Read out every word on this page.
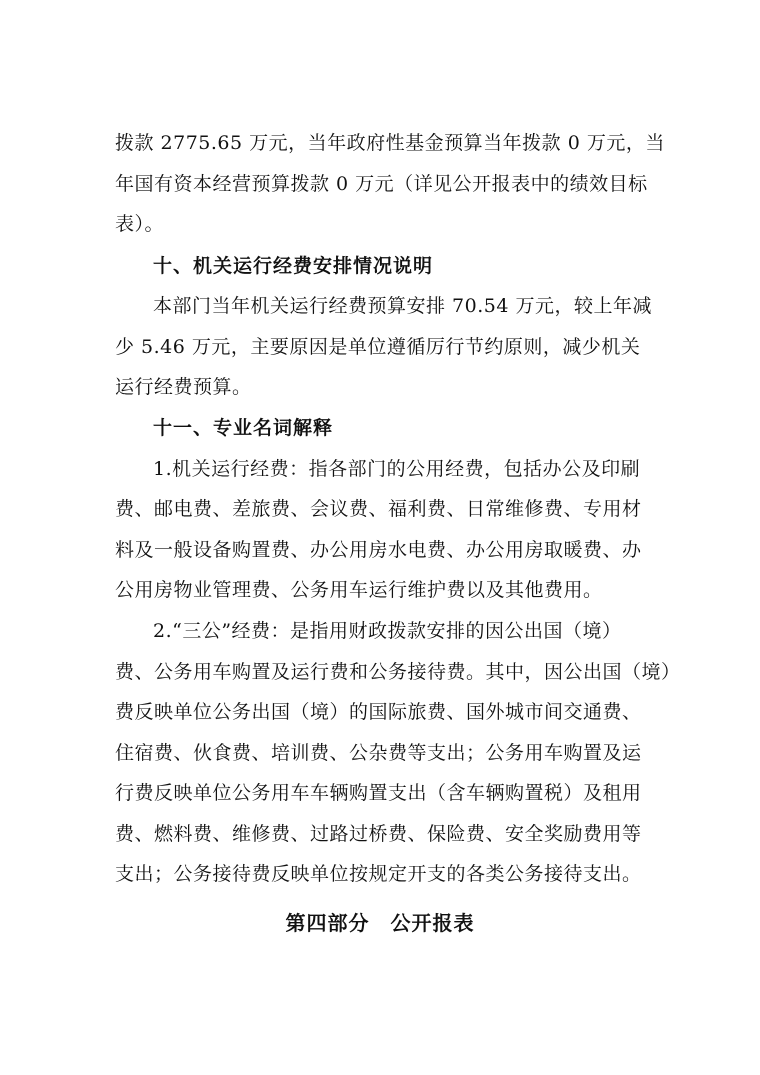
拨款 2775.65 万元，当年政府性基金预算当年拨款 0 万元，当
年国有资本经营预算拨款 0 万元（详见公开报表中的绩效目标
表）。
十、机关运行经费安排情况说明
本部门当年机关运行经费预算安排 70.54 万元，较上年减
少 5.46 万元，主要原因是单位遵循厉行节约原则，减少机关
运行经费预算。
十一、专业名词解释
1.机关运行经费：指各部门的公用经费，包括办公及印刷
费、邮电费、差旅费、会议费、福利费、日常维修费、专用材
料及一般设备购置费、办公用房水电费、办公用房取暖费、办
公用房物业管理费、公务用车运行维护费以及其他费用。
2.“三公”经费：是指用财政拨款安排的因公出国（境）
费、公务用车购置及运行费和公务接待费。其中，因公出国（境）
费反映单位公务出国（境）的国际旅费、国外城市间交通费、
住宿费、伙食费、培训费、公杂费等支出；公务用车购置及运
行费反映单位公务用车车辆购置支出（含车辆购置税）及租用
费、燃料费、维修费、过路过桥费、保险费、安全奖励费用等
支出；公务接待费反映单位按规定开支的各类公务接待支出。
第四部分　公开报表
